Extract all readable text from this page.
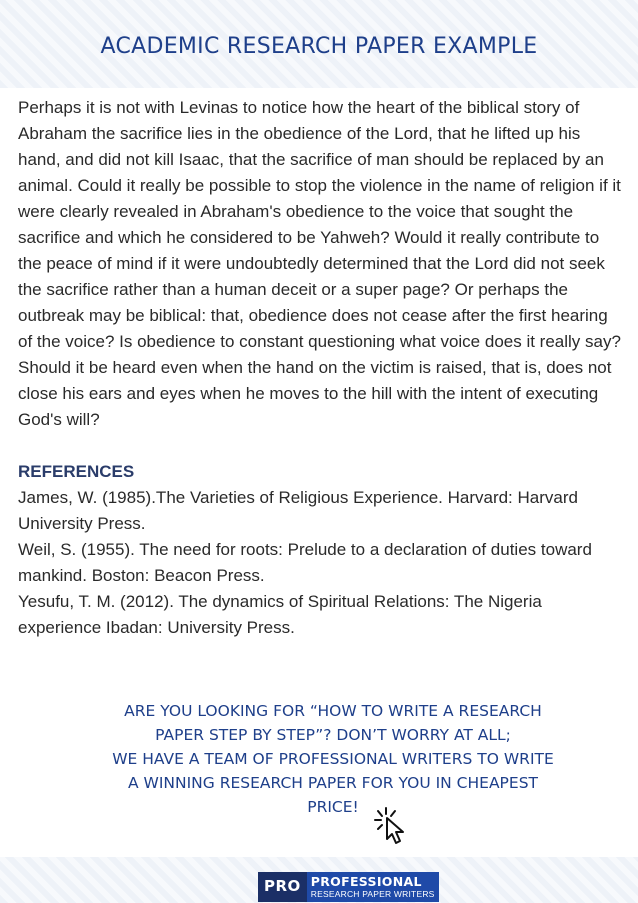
ACADEMIC RESEARCH PAPER EXAMPLE

Perhaps it is not with Levinas to notice how the heart of the biblical story of Abraham the sacrifice lies in the obedience of the Lord, that he lifted up his hand, and did not kill Isaac, that the sacrifice of man should be replaced by an animal. Could it really be possible to stop the violence in the name of religion if it were clearly revealed in Abraham's obedience to the voice that sought the sacrifice and which he considered to be Yahweh? Would it really contribute to the peace of mind if it were undoubtedly determined that the Lord did not seek the sacrifice rather than a human deceit or a super page? Or perhaps the outbreak may be biblical: that, obedience does not cease after the first hearing of the voice? Is obedience to constant questioning what voice does it really say? Should it be heard even when the hand on the victim is raised, that is, does not close his ears and eyes when he moves to the hill with the intent of executing God's will?

REFERENCES

James, W. (1985).The Varieties of Religious Experience. Harvard: Harvard University Press.

Weil, S. (1955). The need for roots: Prelude to a declaration of duties toward mankind. Boston: Beacon Press.

Yesufu, T. M. (2012). The dynamics of Spiritual Relations: The Nigeria experience Ibadan: University Press.

ARE YOU LOOKING FOR “HOW TO WRITE A RESEARCH
PAPER STEP BY STEP”? DON’T WORRY AT ALL;
WE HAVE A TEAM OF PROFESSIONAL WRITERS TO WRITE
A WINNING RESEARCH PAPER FOR YOU IN CHEAPEST
PRICE!
PRO PROFESSIONAL
RESEARCH PAPER WRITERS
